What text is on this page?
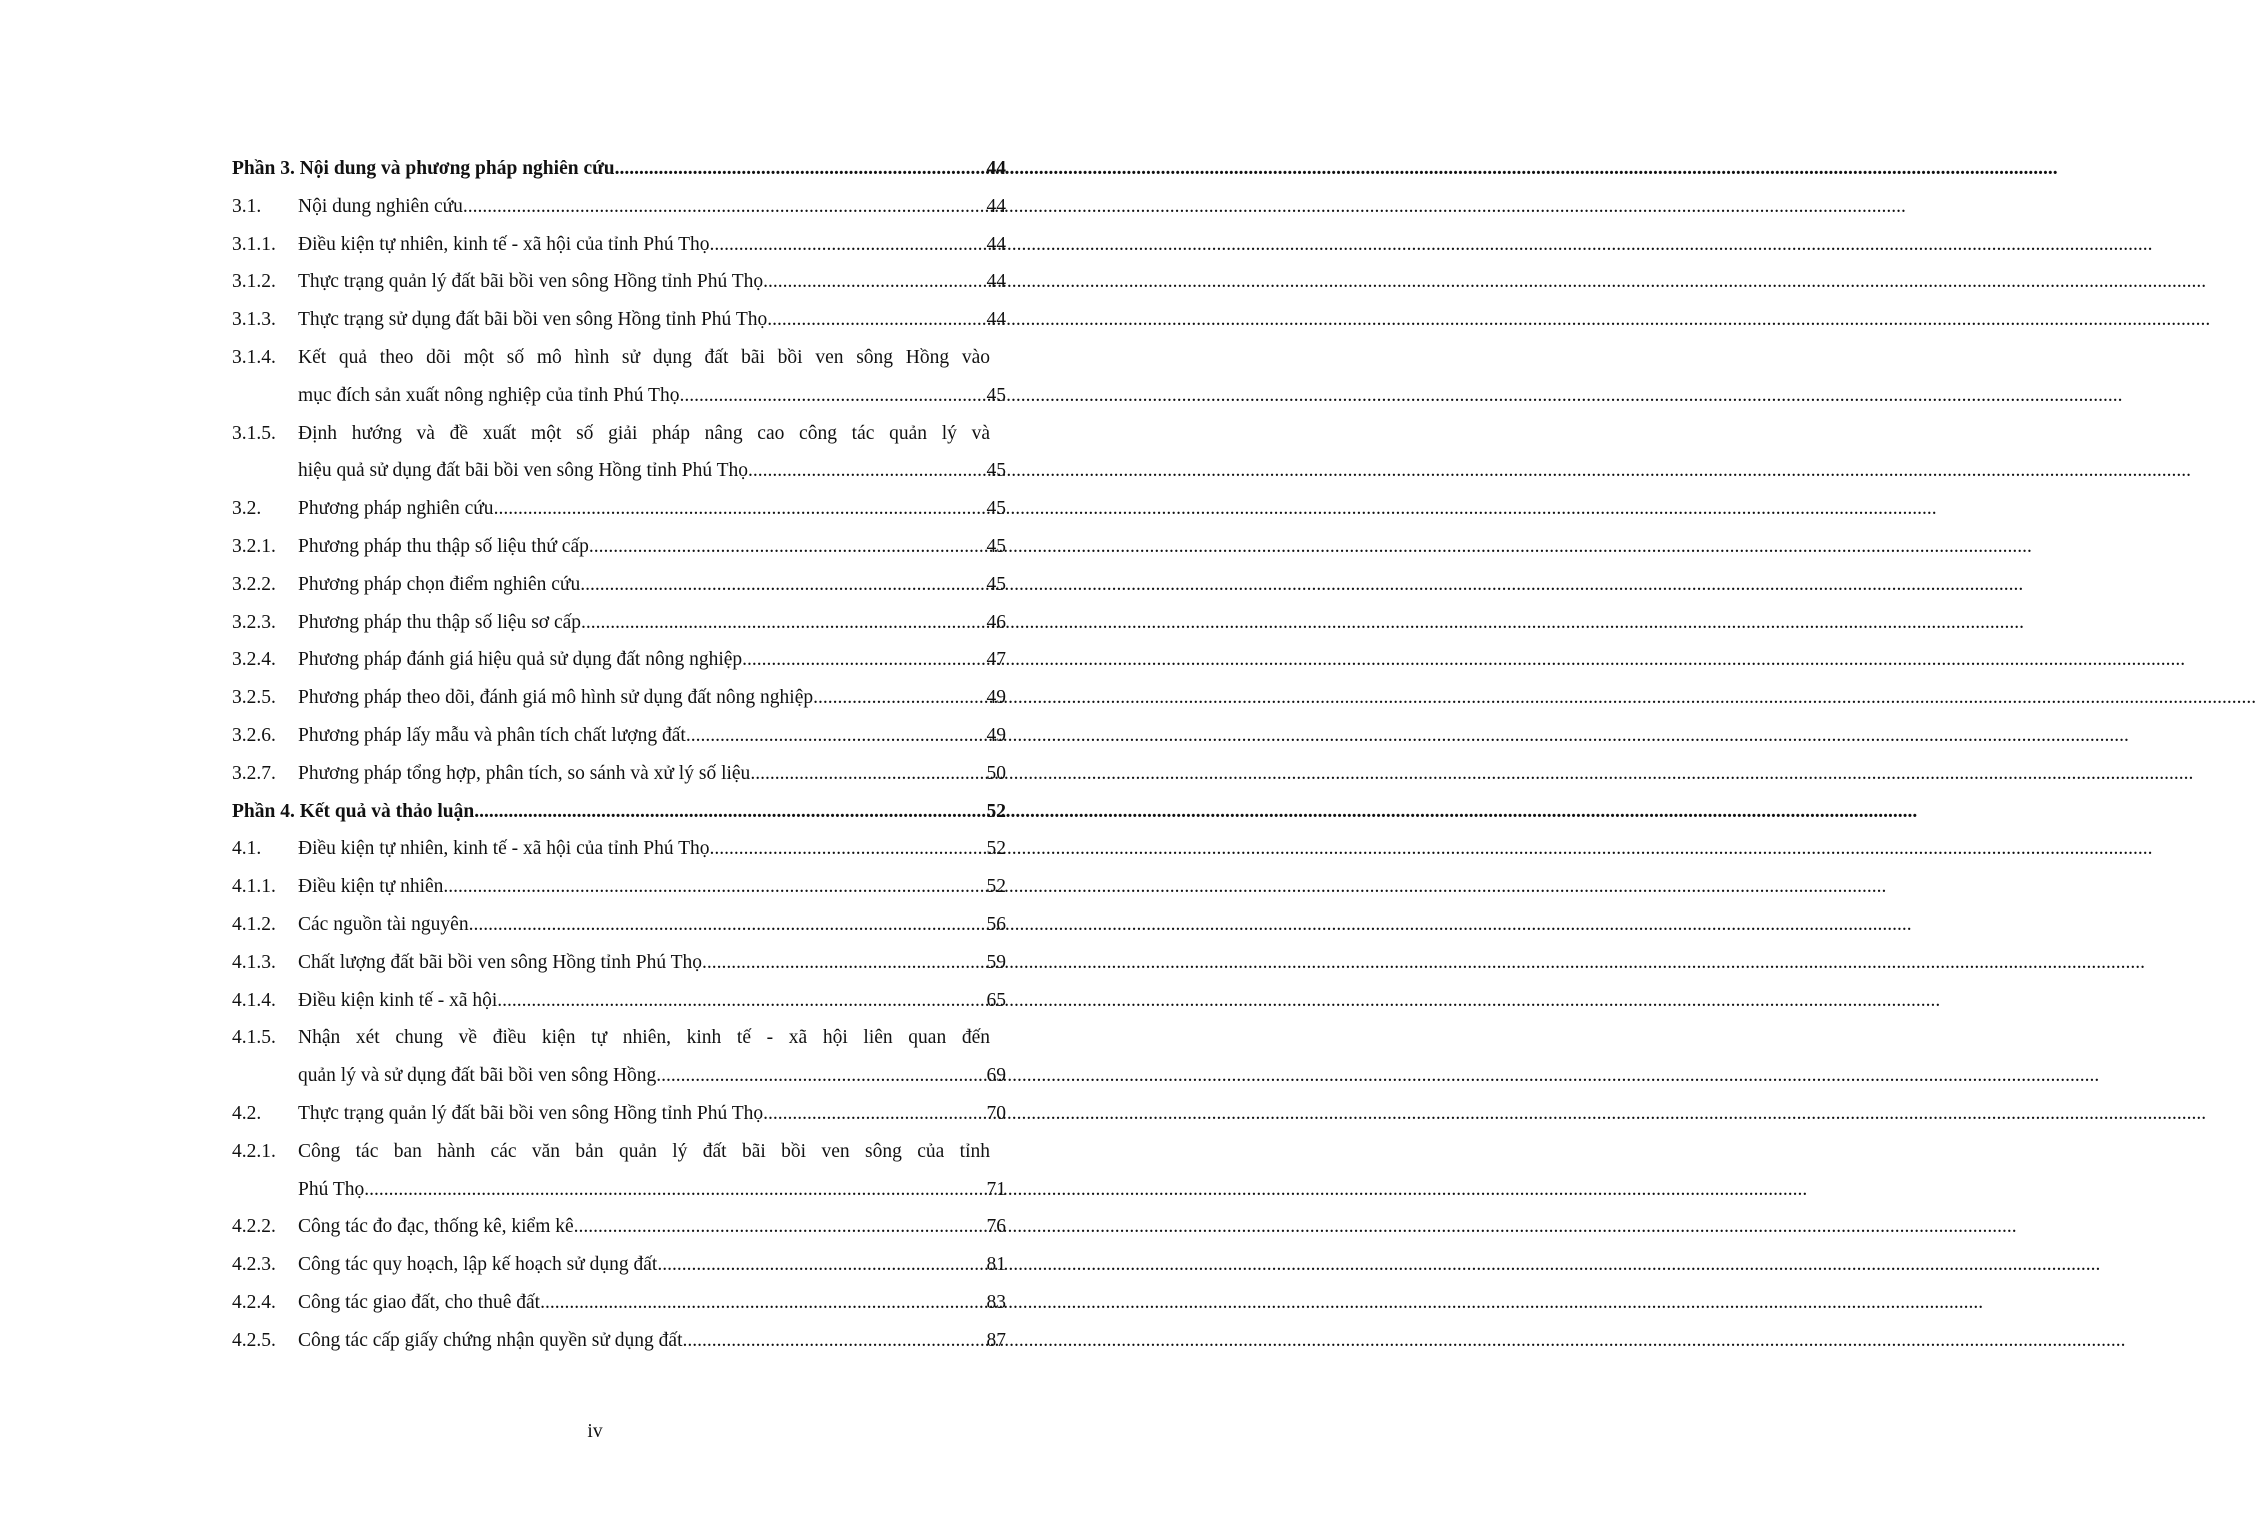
Phần 3. Nội dung và phương pháp nghiên cứu .....	44
3.1.	Nội dung nghiên cứu .....	44
3.1.1.	Điều kiện tự nhiên, kinh tế - xã hội của tỉnh Phú Thọ .....	44
3.1.2.	Thực trạng quản lý đất bãi bồi ven sông Hồng tỉnh Phú Thọ .....	44
3.1.3.	Thực trạng sử dụng đất bãi bồi ven sông Hồng tỉnh Phú Thọ .....	44
3.1.4.	Kết quả theo dõi một số mô hình sử dụng đất bãi bồi ven sông Hồng vào
mục đích sản xuất nông nghiệp của tỉnh Phú Thọ .....	45
3.1.5.	Định hướng và đề xuất một số giải pháp nâng cao công tác quản lý và
hiệu quả sử dụng đất bãi bồi ven sông Hồng tỉnh Phú Thọ .....	45
3.2.	Phương pháp nghiên cứu .....	45
3.2.1.	Phương pháp thu thập số liệu thứ cấp .....	45
3.2.2.	Phương pháp chọn điểm nghiên cứu .....	45
3.2.3.	Phương pháp thu thập số liệu sơ cấp .....	46
3.2.4.	Phương pháp đánh giá hiệu quả sử dụng đất nông nghiệp .....	47
3.2.5.	Phương pháp theo dõi, đánh giá mô hình sử dụng đất nông nghiệp .....	49
3.2.6.	Phương pháp lấy mẫu và phân tích chất lượng đất .....	49
3.2.7.	Phương pháp tổng hợp, phân tích, so sánh và xử lý số liệu .....	50
Phần 4. Kết quả và thảo luận .....	52
4.1.	Điều kiện tự nhiên, kinh tế - xã hội của tỉnh Phú Thọ .....	52
4.1.1.	Điều kiện tự nhiên .....	52
4.1.2.	Các nguồn tài nguyên .....	56
4.1.3.	Chất lượng đất bãi bồi ven sông Hồng tỉnh Phú Thọ .....	59
4.1.4.	Điều kiện kinh tế - xã hội .....	65
4.1.5.	Nhận xét chung về điều kiện tự nhiên, kinh tế - xã hội liên quan đến
quản lý và sử dụng đất bãi bồi ven sông Hồng .....	69
4.2.	Thực trạng quản lý đất bãi bồi ven sông Hồng tỉnh Phú Thọ .....	70
4.2.1.	Công tác ban hành các văn bản quản lý đất bãi bồi ven sông của tỉnh
Phú Thọ .....	71
4.2.2.	Công tác đo đạc, thống kê, kiểm kê .....	76
4.2.3.	Công tác quy hoạch, lập kế hoạch sử dụng đất .....	81
4.2.4.	Công tác giao đất, cho thuê đất .....	83
4.2.5.	Công tác cấp giấy chứng nhận quyền sử dụng đất .....	87
iv
